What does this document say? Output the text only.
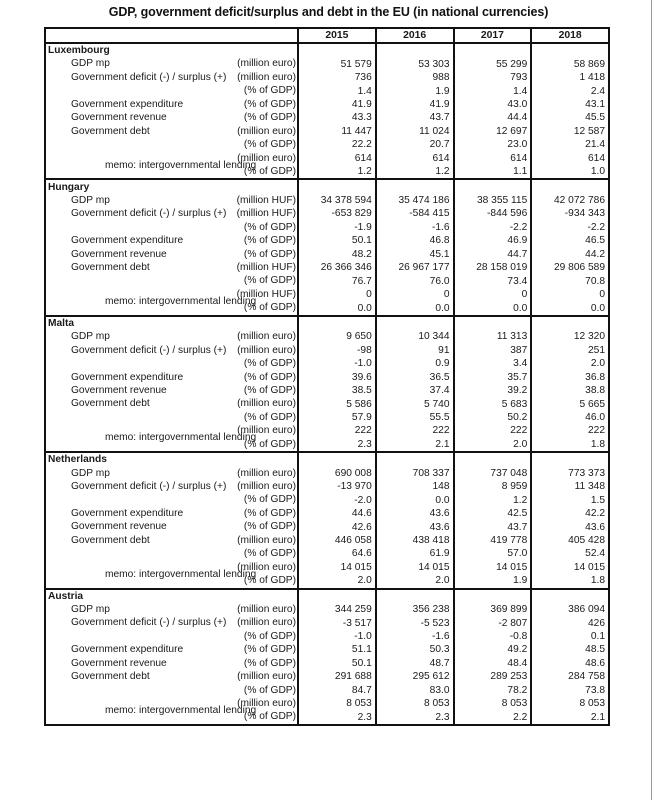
GDP, government deficit/surplus and debt in the EU (in national currencies)
	2015	2016	2017	2018
Luxembourg				

GDP mp (million euro)	51 579	53 303	55 299	58 869

Government deficit (-) / surplus (+) (million euro)	736	988	793	1 418

(% of GDP)	1.4	1.9	1.4	2.4

Government expenditure (% of GDP)	41.9	41.9	43.0	43.1

Government revenue (% of GDP)	43.3	43.7	44.4	45.5

Government debt (million euro)	11 447	11 024	12 697	12 587

(% of GDP)	22.2	20.7	23.0	21.4

memo: intergovernmental lending
(million euro)	614	614	614	614

(% of GDP)	1.2	1.2	1.1	1.0
Hungary				

GDP mp (million HUF)	34 378 594	35 474 186	38 355 115	42 072 786

Government deficit (-) / surplus (+) (million HUF)	-653 829	-584 415	-844 596	-934 343

(% of GDP)	-1.9	-1.6	-2.2	-2.2

Government expenditure (% of GDP)	50.1	46.8	46.9	46.5

Government revenue (% of GDP)	48.2	45.1	44.7	44.2

Government debt (million HUF)	26 366 346	26 967 177	28 158 019	29 806 589

(% of GDP)	76.7	76.0	73.4	70.8

memo: intergovernmental lending
(million HUF)	0	0	0	0

(% of GDP)	0.0	0.0	0.0	0.0
Malta				

GDP mp (million euro)	9 650	10 344	11 313	12 320

Government deficit (-) / surplus (+) (million euro)	-98	91	387	251

(% of GDP)	-1.0	0.9	3.4	2.0

Government expenditure (% of GDP)	39.6	36.5	35.7	36.8

Government revenue (% of GDP)	38.5	37.4	39.2	38.8

Government debt (million euro)	5 586	5 740	5 683	5 665

(% of GDP)	57.9	55.5	50.2	46.0

memo: intergovernmental lending
(million euro)	222	222	222	222

(% of GDP)	2.3	2.1	2.0	1.8
Netherlands				

GDP mp (million euro)	690 008	708 337	737 048	773 373

Government deficit (-) / surplus (+) (million euro)	-13 970	148	8 959	11 348

(% of GDP)	-2.0	0.0	1.2	1.5

Government expenditure (% of GDP)	44.6	43.6	42.5	42.2

Government revenue (% of GDP)	42.6	43.6	43.7	43.6

Government debt (million euro)	446 058	438 418	419 778	405 428

(% of GDP)	64.6	61.9	57.0	52.4

memo: intergovernmental lending
(million euro)	14 015	14 015	14 015	14 015

(% of GDP)	2.0	2.0	1.9	1.8
Austria				

GDP mp (million euro)	344 259	356 238	369 899	386 094

Government deficit (-) / surplus (+) (million euro)	-3 517	-5 523	-2 807	426

(% of GDP)	-1.0	-1.6	-0.8	0.1

Government expenditure (% of GDP)	51.1	50.3	49.2	48.5

Government revenue (% of GDP)	50.1	48.7	48.4	48.6

Government debt (million euro)	291 688	295 612	289 253	284 758

(% of GDP)	84.7	83.0	78.2	73.8

memo: intergovernmental lending
(million euro)	8 053	8 053	8 053	8 053

(% of GDP)	2.3	2.3	2.2	2.1
